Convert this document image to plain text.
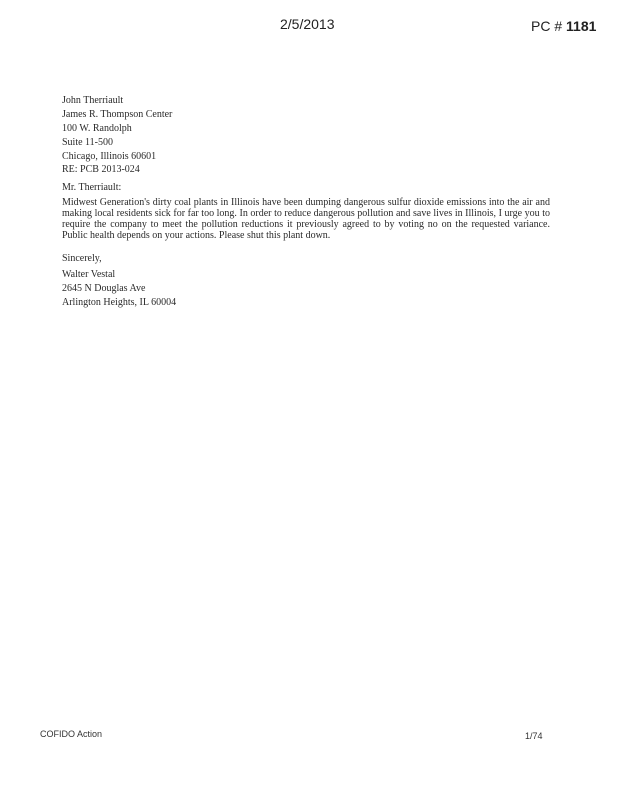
2/5/2013	PC # 1181
John Therriault
James R. Thompson Center
100 W. Randolph
Suite 11-500
Chicago, Illinois 60601
RE: PCB 2013-024
Mr. Therriault:
Midwest Generation's dirty coal plants in Illinois have been dumping dangerous sulfur dioxide emissions into the air and making local residents sick for far too long. In order to reduce dangerous pollution and save lives in Illinois, I urge you to require the company to meet the pollution reductions it previously agreed to by voting no on the requested variance. Public health depends on your actions. Please shut this plant down.
Sincerely,
Walter Vestal
2645 N Douglas Ave
Arlington Heights, IL 60004
COFIDO Action	1/74
